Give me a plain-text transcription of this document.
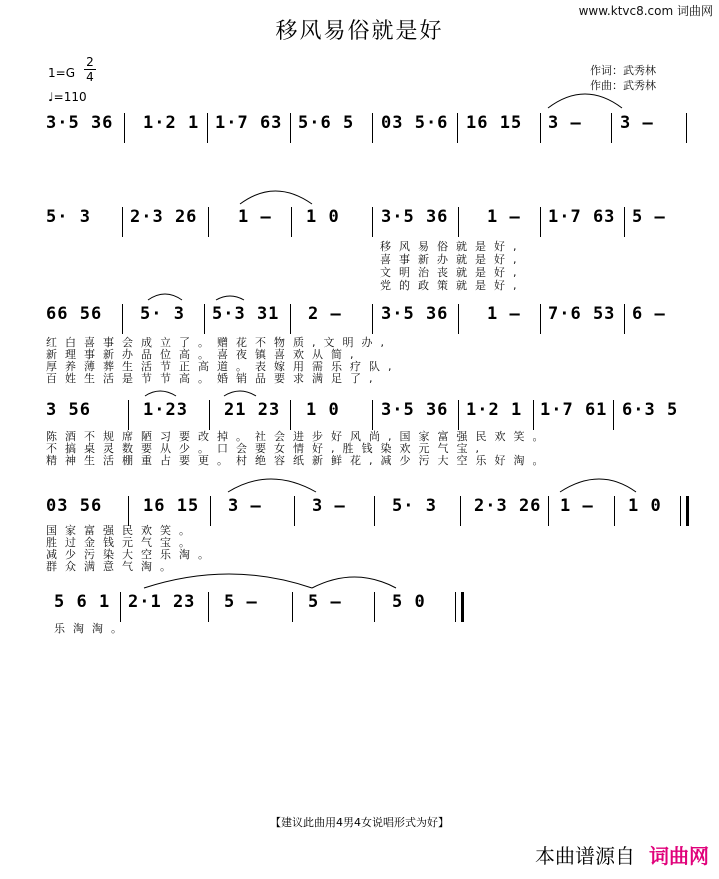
www.ktvc8.com 词曲网
移风易俗就是好
作词：武秀林
作曲：武秀林
1=G
2
4
♩=110
3·5 36 1·2 1 1·7 63 5·6 5 03 5·6 16 15 3 – 3 –
5· 3 2·3 26 1 – 1 0 3·5 36 1 – 1·7 63 5 –
移风易俗就是好,
喜事新办就是好,
文明治丧就是好,
党的政策就是好,
66 56 5· 3 5·3 31 2 – 3·5 36 1 – 7·6 53 6 –
红白喜事会成立了。赠花不物质,文明办,
新理事新办品位高。喜夜镇喜欢从简,
厚养薄葬生活节正高道。表嫁用需乐疗队,
百姓生活是节节高。婚销品要求满足了,
3 56	1·23 21 23 1 0 3·5 36 1·2 1 1·7 61 6·3 5
陈酒不规席陋习要改掉。社会进步好风尚,国家富强民欢笑。
不搞桌灵数要从少。口会要女情好,胜钱染欢元气宝,
精神生活棚重占要更。村绝容纸新鲜花,减少污大空乐好淘。
03 56 16 15 3 –	3 –	5· 3 2·3 26 1 – 1 0
国家富强民欢笑。
胜过金钱元气宝。
减少污染大空乐淘。
群众满意气淘。
5 6 1 2·1 23 5 –	5 –	5 0
乐淘淘。
【建议此曲用4男4女说唱形式为好】
本曲谱源自 词曲网
